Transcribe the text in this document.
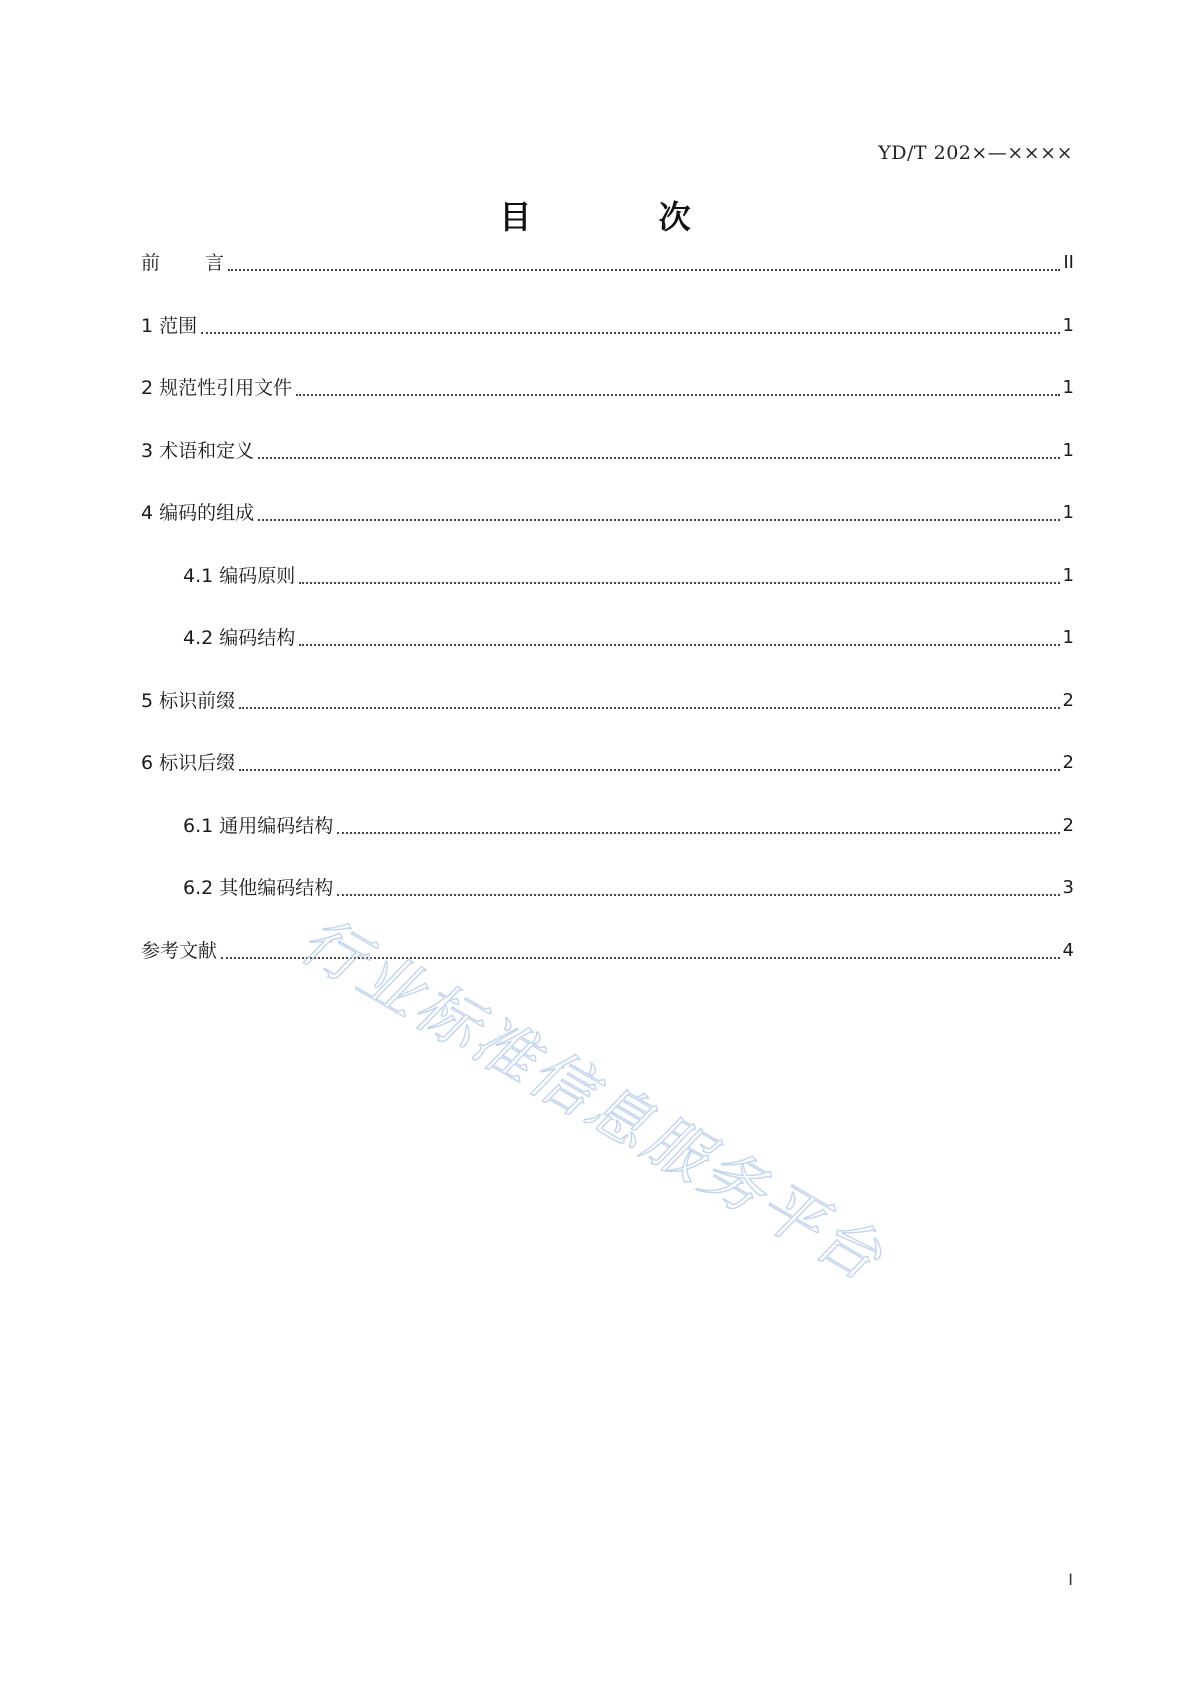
YD/T 202×—××××
目 次
前言	II
1 范围	1
2 规范性引用文件	1
3 术语和定义	1
4 编码的组成	1
4.1 编码原则	1
4.2 编码结构	1
5 标识前缀	2
6 标识后缀	2
6.1 通用编码结构	2
6.2 其他编码结构	3
参考文献	4
行业标准信息服务平台
I
